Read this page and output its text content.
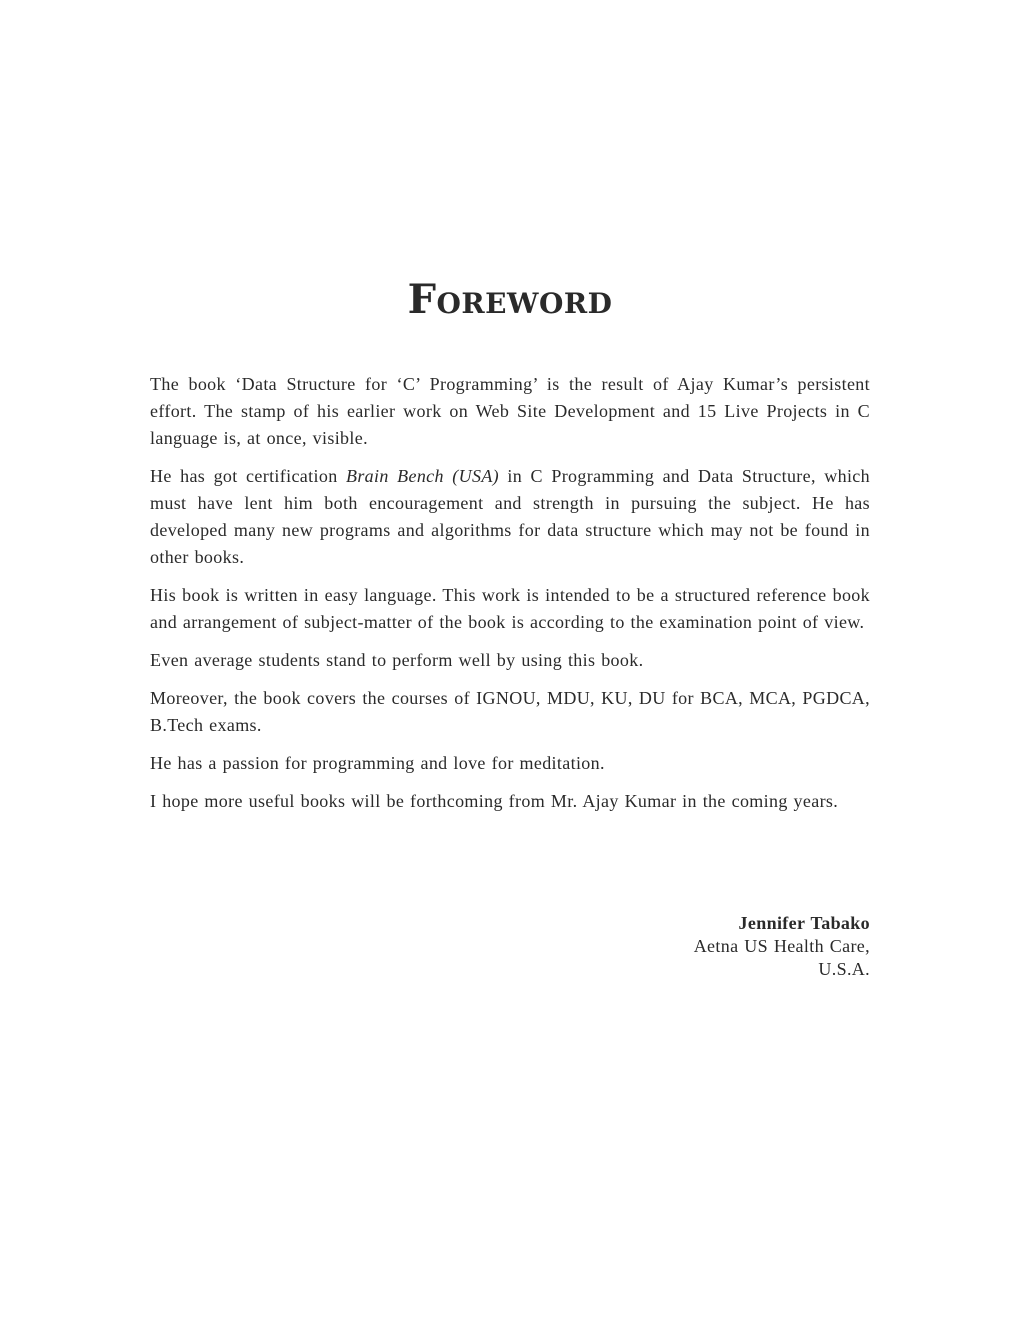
Foreword

The book ‘Data Structure for ‘C’ Programming’ is the result of Ajay Kumar’s persistent effort. The stamp of his earlier work on Web Site Development and 15 Live Projects in C language is, at once, visible.

He has got certification Brain Bench (USA) in C Programming and Data Structure, which must have lent him both encouragement and strength in pursuing the subject. He has developed many new programs and algorithms for data structure which may not be found in other books.

His book is written in easy language. This work is intended to be a structured reference book and arrangement of subject-matter of the book is according to the examination point of view.

Even average students stand to perform well by using this book.

Moreover, the book covers the courses of IGNOU, MDU, KU, DU for BCA, MCA, PGDCA, B.Tech exams.

He has a passion for programming and love for meditation.

I hope more useful books will be forthcoming from Mr. Ajay Kumar in the coming years.

Jennifer Tabako
Aetna US Health Care,
U.S.A.
